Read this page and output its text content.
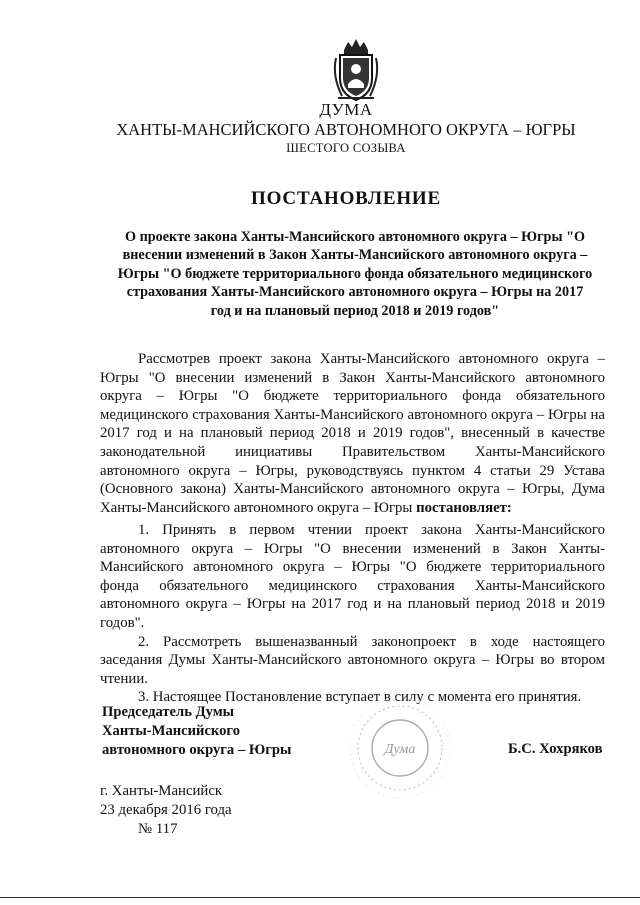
ДУМА
ХАНТЫ-МАНСИЙСКОГО АВТОНОМНОГО ОКРУГА – ЮГРЫ
ШЕСТОГО СОЗЫВА
ПОСТАНОВЛЕНИЕ
О проекте закона Ханты-Мансийского автономного округа – Югры "О внесении изменений в Закон Ханты-Мансийского автономного округа – Югры "О бюджете территориального фонда обязательного медицинского страхования Ханты-Мансийского автономного округа – Югры на 2017 год и на плановый период 2018 и 2019 годов"

Рассмотрев проект закона Ханты-Мансийского автономного округа – Югры "О внесении изменений в Закон Ханты-Мансийского автономного округа – Югры "О бюджете территориального фонда обязательного медицинского страхования Ханты-Мансийского автономного округа – Югры на 2017 год и на плановый период 2018 и 2019 годов", внесенный в качестве законодательной инициативы Правительством Ханты-Мансийского автономного округа – Югры, руководствуясь пунктом 4 статьи 29 Устава (Основного закона) Ханты-Мансийского автономного округа – Югры, Дума Ханты-Мансийского автономного округа – Югры постановляет:

1. Принять в первом чтении проект закона Ханты-Мансийского автономного округа – Югры "О внесении изменений в Закон Ханты-Мансийского автономного округа – Югры "О бюджете территориального фонда обязательного медицинского страхования Ханты-Мансийского автономного округа – Югры на 2017 год и на плановый период 2018 и 2019 годов".

2. Рассмотреть вышеназванный законопроект в ходе настоящего заседания Думы Ханты-Мансийского автономного округа – Югры во втором чтении.

3. Настоящее Постановление вступает в силу с момента его принятия.

Председатель Думы
Ханты-Мансийского
автономного округа – Югры	Дума	Б.С. Хохряков
г. Ханты-Мансийск
23 декабря 2016 года
№ 117
